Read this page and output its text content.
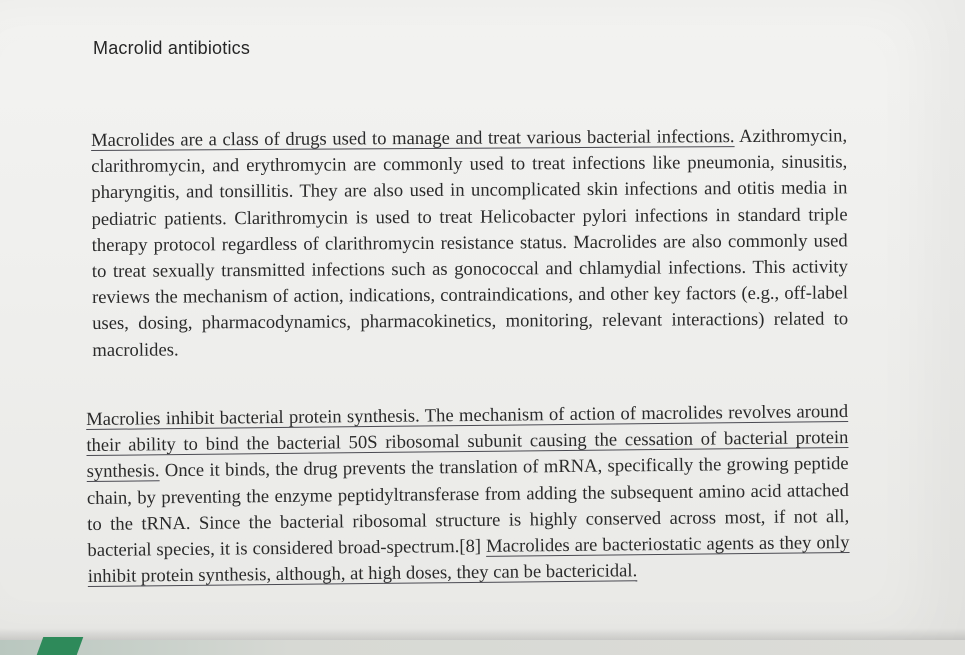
Macrolid antibiotics

Macrolides are a class of drugs used to manage and treat various bacterial infections. Azithromycin, clarithromycin, and erythromycin are commonly used to treat infections like pneumonia, sinusitis, pharyngitis, and tonsillitis. They are also used in uncomplicated skin infections and otitis media in pediatric patients. Clarithromycin is used to treat Helicobacter pylori infections in standard triple therapy protocol regardless of clarithromycin resistance status. Macrolides are also commonly used to treat sexually transmitted infections such as gonococcal and chlamydial infections. This activity reviews the mechanism of action, indications, contraindications, and other key factors (e.g., off-label uses, dosing, pharmacodynamics, pharmacokinetics, monitoring, relevant interactions) related to macrolides.

Macrolies inhibit bacterial protein synthesis. The mechanism of action of macrolides revolves around their ability to bind the bacterial 50S ribosomal subunit causing the cessation of bacterial protein synthesis. Once it binds, the drug prevents the translation of mRNA, specifically the growing peptide chain, by preventing the enzyme peptidyltransferase from adding the subsequent amino acid attached to the tRNA. Since the bacterial ribosomal structure is highly conserved across most, if not all, bacterial species, it is considered broad-spectrum.[8] Macrolides are bacteriostatic agents as they only inhibit protein synthesis, although, at high doses, they can be bactericidal.
